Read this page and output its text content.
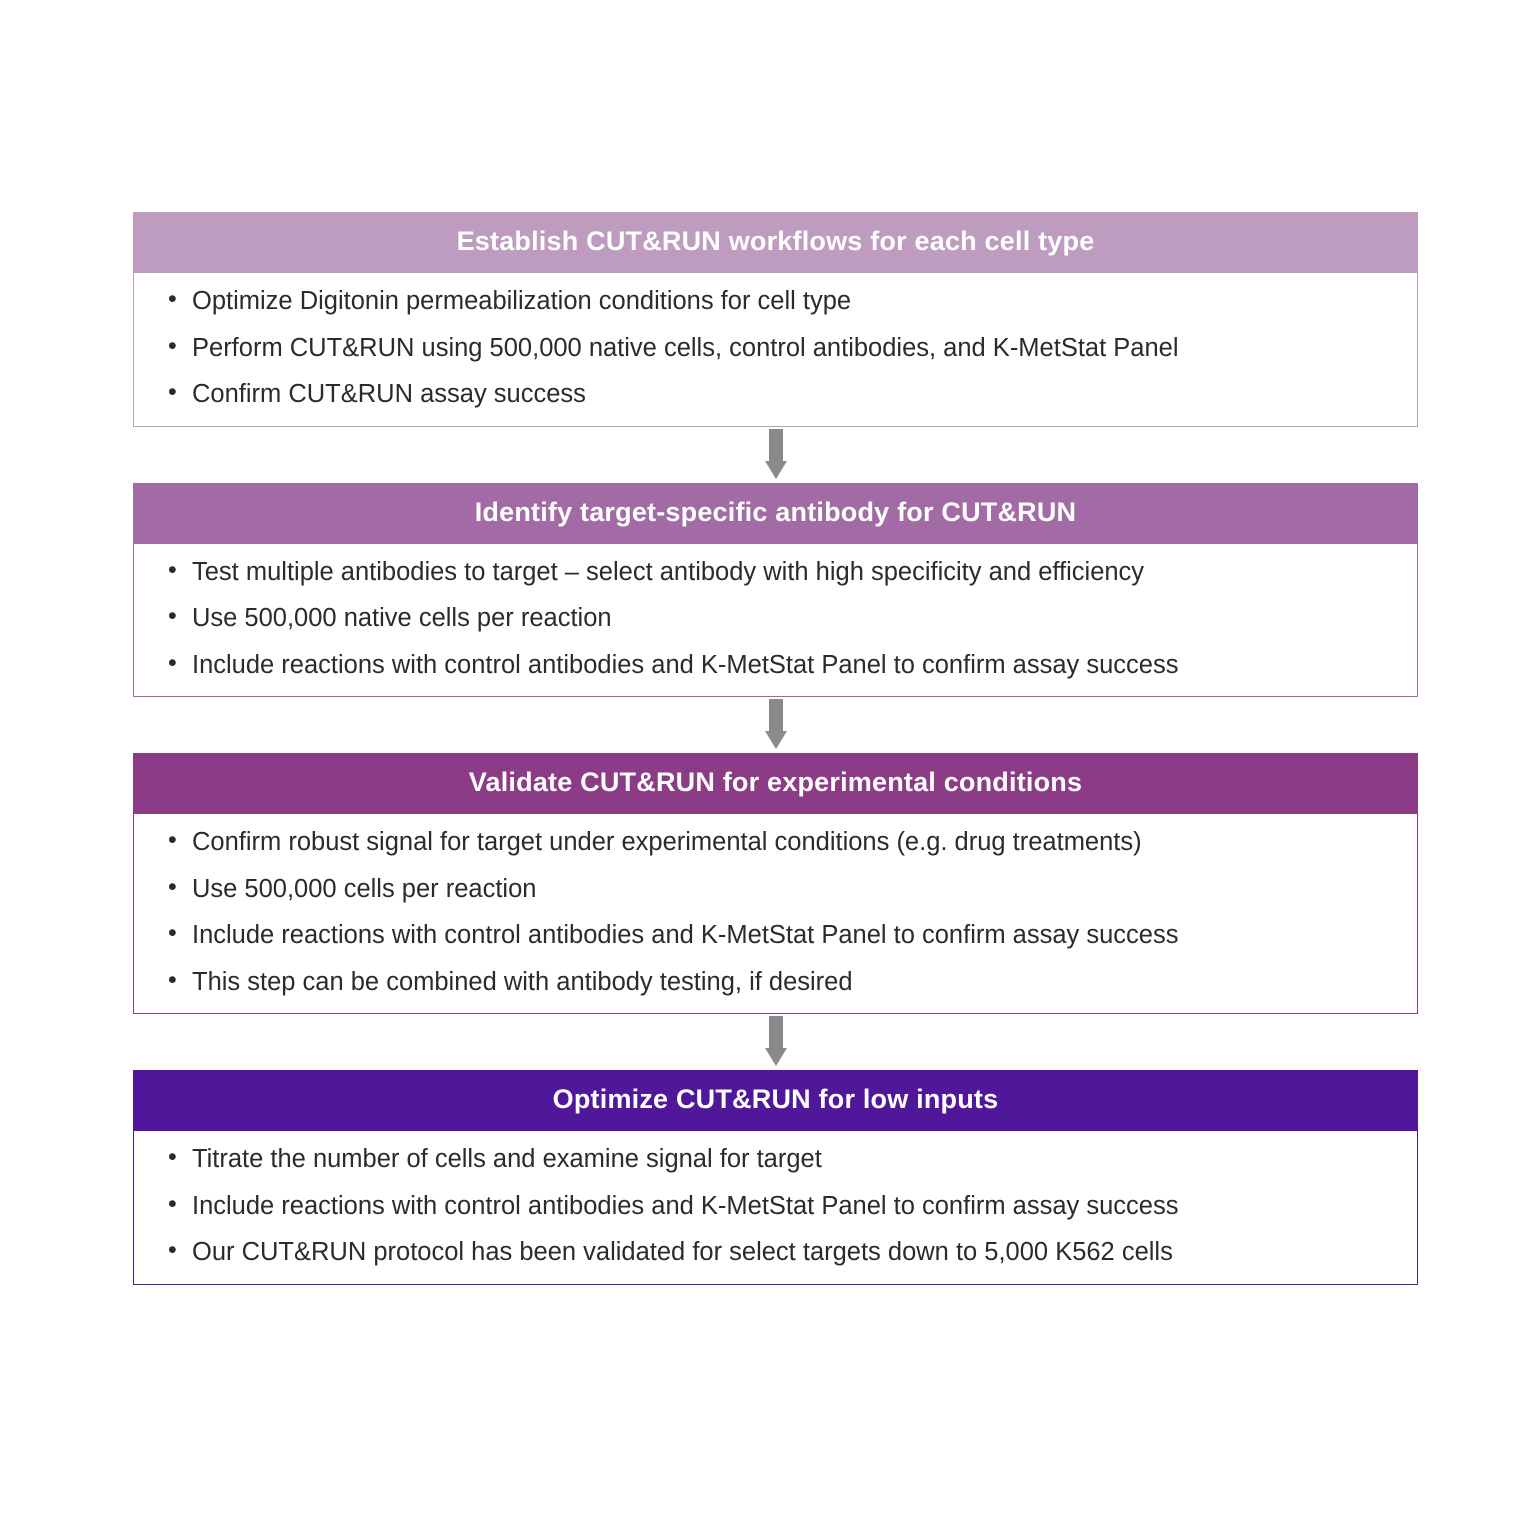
Establish CUT&RUN workflows for each cell type
• Optimize Digitonin permeabilization conditions for cell type
• Perform CUT&RUN using 500,000 native cells, control antibodies, and K-MetStat Panel
• Confirm CUT&RUN assay success
Identify target-specific antibody for CUT&RUN
• Test multiple antibodies to target – select antibody with high specificity and efficiency
• Use 500,000 native cells per reaction
• Include reactions with control antibodies and K-MetStat Panel to confirm assay success
Validate CUT&RUN for experimental conditions
• Confirm robust signal for target under experimental conditions (e.g. drug treatments)
• Use 500,000 cells per reaction
• Include reactions with control antibodies and K-MetStat Panel to confirm assay success
• This step can be combined with antibody testing, if desired
Optimize CUT&RUN for low inputs
• Titrate the number of cells and examine signal for target
• Include reactions with control antibodies and K-MetStat Panel to confirm assay success
• Our CUT&RUN protocol has been validated for select targets down to 5,000 K562 cells
